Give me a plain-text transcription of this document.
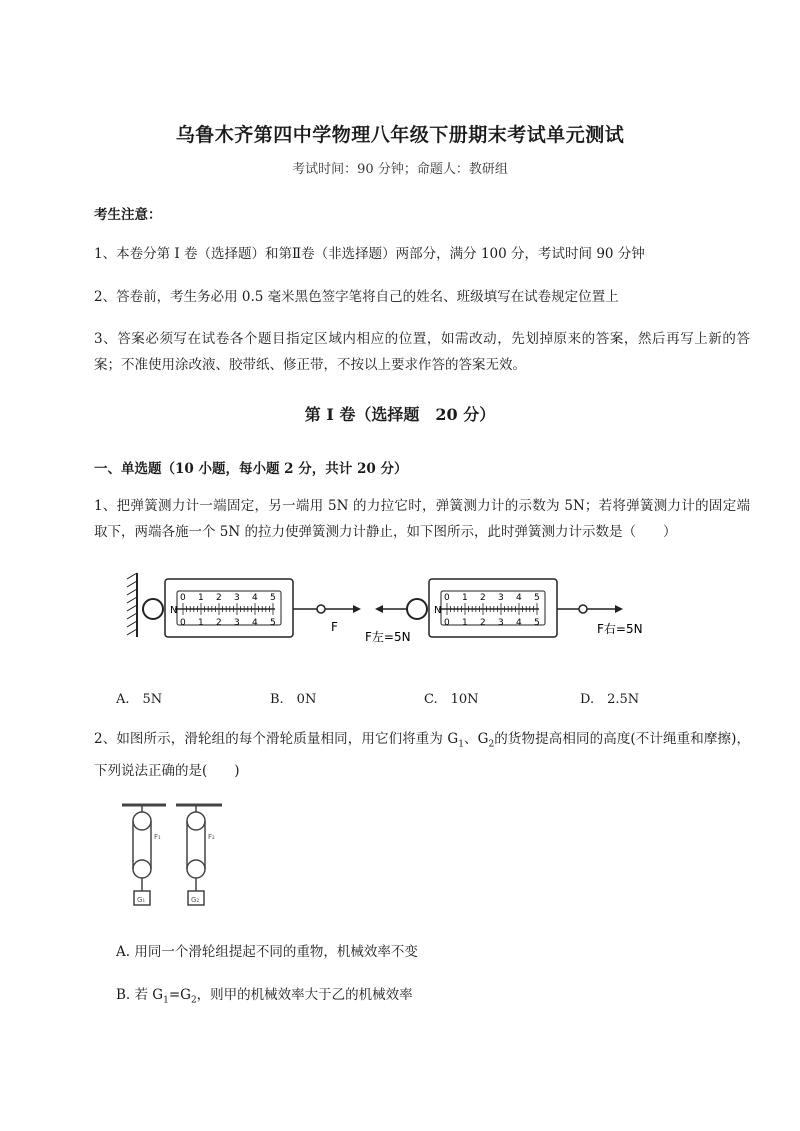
乌鲁木齐第四中学物理八年级下册期末考试单元测试
考试时间：90 分钟；命题人：教研组
考生注意：
1、本卷分第 I 卷（选择题）和第Ⅱ卷（非选择题）两部分，满分 100 分，考试时间 90 分钟
2、答卷前，考生务必用 0.5 毫米黑色签字笔将自己的姓名、班级填写在试卷规定位置上
3、答案必须写在试卷各个题目指定区域内相应的位置，如需改动，先划掉原来的答案，然后再写上新的答案；不准使用涂改液、胶带纸、修正带，不按以上要求作答的答案无效。
第 I 卷（选择题　20 分）
一、单选题（10 小题，每小题 2 分，共计 20 分）
1、把弹簧测力计一端固定，另一端用 5N 的力拉它时，弹簧测力计的示数为 5N；若将弹簧测力计的固定端取下，两端各施一个 5N 的拉力使弹簧测力计静止，如下图所示，此时弹簧测力计示数是（　　）
N
F
N
F左=5N
F右=5N
0
0
1
1
2
2
3
3
4
4
5
5
0
0
1
1
2
2
3
3
4
4
5
5
A.　5N	B.　0N	C.　10N	D.　2.5N
2、如图所示，滑轮组的每个滑轮质量相同，用它们将重为 $G_1$、$G_2$的货物提高相同的高度(不计绳重和摩擦)，下列说法正确的是(　　)
F₁	F₂
G₁	G₂
A. 用同一个滑轮组提起不同的重物，机械效率不变
B. 若 $G_1=G_2$，则甲的机械效率大于乙的机械效率
